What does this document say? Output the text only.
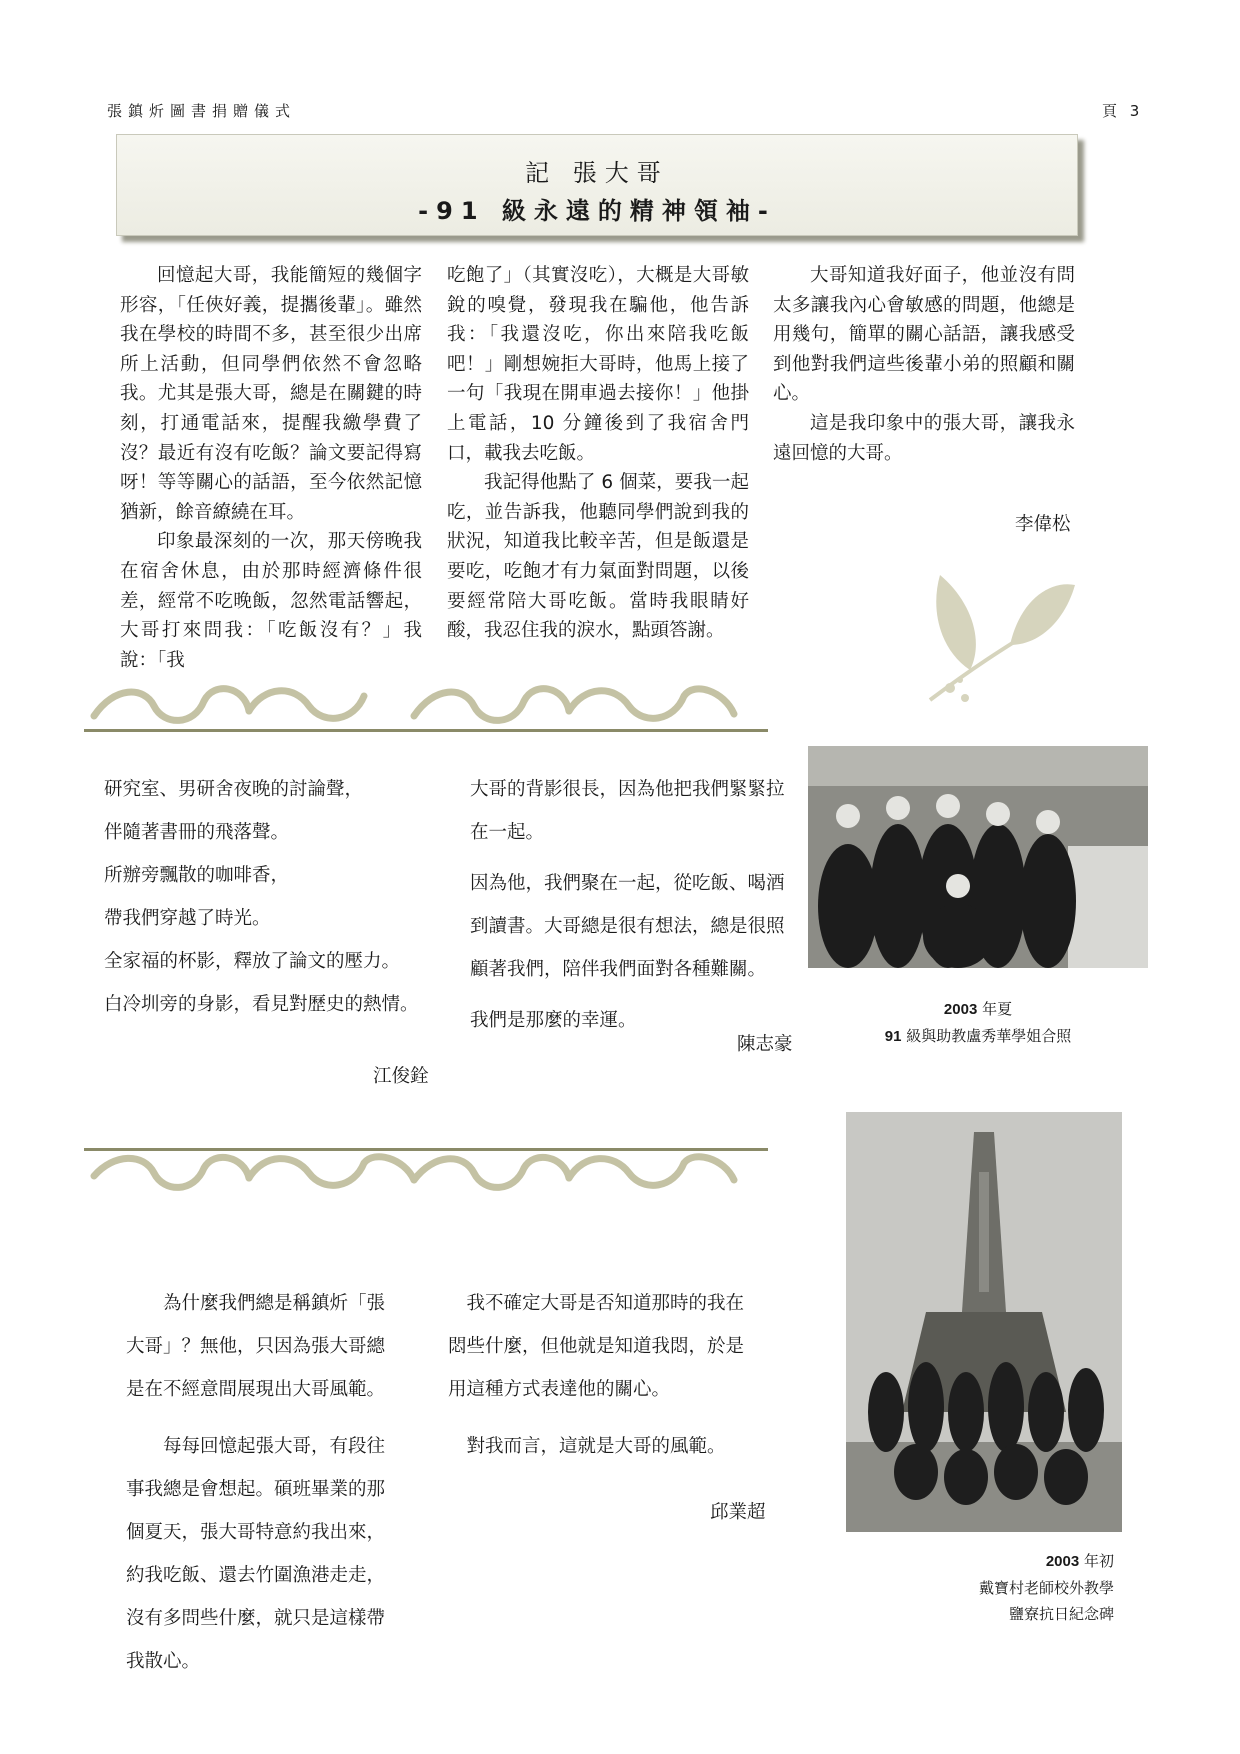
張鎮炘圖書捐贈儀式	頁 3
記 張大哥
-91 級永遠的精神領袖-

回憶起大哥，我能簡短的幾個字形容，「任俠好義，提攜後輩」。雖然我在學校的時間不多，甚至很少出席所上活動，但同學們依然不會忽略我。尤其是張大哥，總是在關鍵的時刻，打通電話來，提醒我繳學費了沒？最近有沒有吃飯？論文要記得寫呀！等等關心的話語，至今依然記憶猶新，餘音繚繞在耳。

印象最深刻的一次，那天傍晚我在宿舍休息，由於那時經濟條件很差，經常不吃晚飯，忽然電話響起，大哥打來問我：「吃飯沒有？」我說：「我

吃飽了」（其實沒吃），大概是大哥敏銳的嗅覺，發現我在騙他，他告訴我：「我還沒吃，你出來陪我吃飯吧！」剛想婉拒大哥時，他馬上接了一句「我現在開車過去接你！」他掛上電話，10 分鐘後到了我宿舍門口，載我去吃飯。

我記得他點了 6 個菜，要我一起吃，並告訴我，他聽同學們說到我的狀況，知道我比較辛苦，但是飯還是要吃，吃飽才有力氣面對問題，以後要經常陪大哥吃飯。當時我眼睛好酸，我忍住我的淚水，點頭答謝。

大哥知道我好面子，他並沒有問太多讓我內心會敏感的問題，他總是用幾句，簡單的關心話語，讓我感受到他對我們這些後輩小弟的照顧和關心。

這是我印象中的張大哥，讓我永遠回憶的大哥。

李偉松

研究室、男研舍夜晚的討論聲，

伴隨著書冊的飛落聲。

所辦旁飄散的咖啡香，

帶我們穿越了時光。

全家福的杯影，釋放了論文的壓力。

白冷圳旁的身影，看見對歷史的熱情。

江俊銓

大哥的背影很長，因為他把我們緊緊拉在一起。

因為他，我們聚在一起，從吃飯、喝酒到讀書。大哥總是很有想法，總是很照顧著我們，陪伴我們面對各種難關。

我們是那麼的幸運。

陳志豪
2003 年夏
91 級與助教盧秀華學姐合照

為什麼我們總是稱鎮炘「張大哥」？無他，只因為張大哥總是在不經意間展現出大哥風範。

每每回憶起張大哥，有段往事我總是會想起。碩班畢業的那個夏天，張大哥特意約我出來，約我吃飯、還去竹圍漁港走走，沒有多問些什麼，就只是這樣帶我散心。

我不確定大哥是否知道那時的我在悶些什麼，但他就是知道我悶，於是用這種方式表達他的關心。

對我而言，這就是大哥的風範。

邱業超
2003 年初
戴寶村老師校外教學
鹽寮抗日紀念碑
